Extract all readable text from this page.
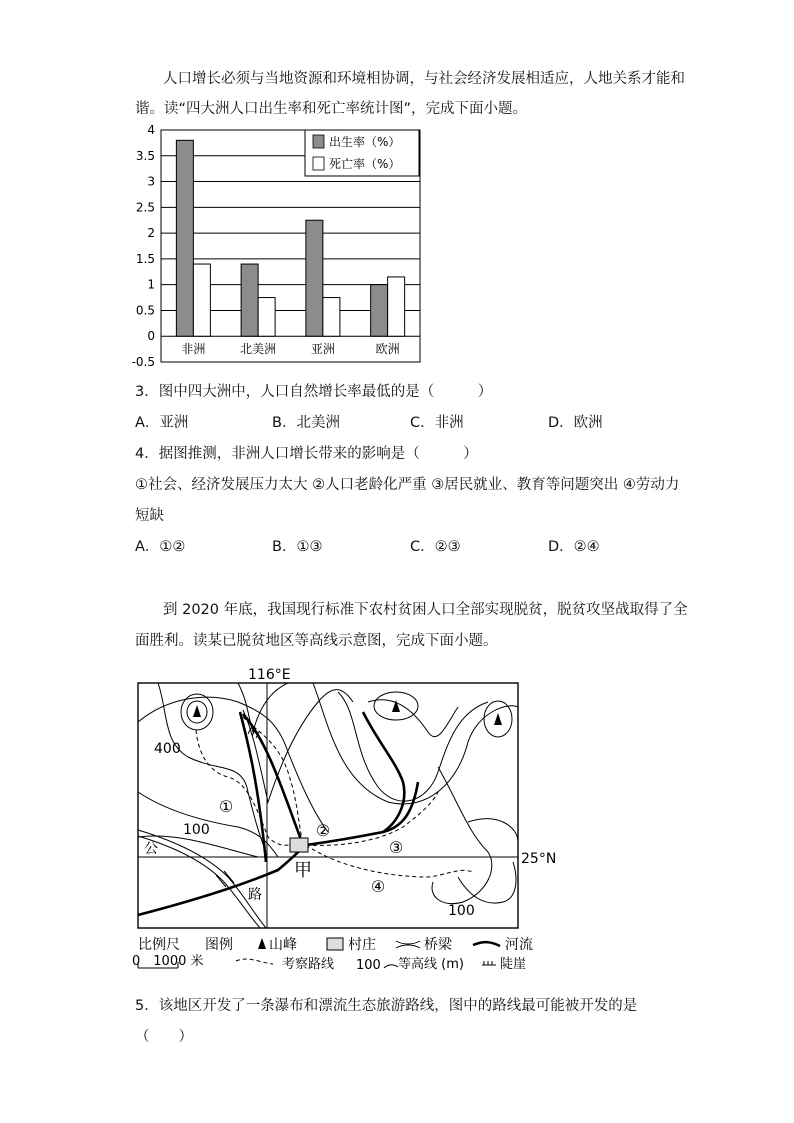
人口增长必须与当地资源和环境相协调，与社会经济发展相适应，人地关系才能和
谐。读“四大洲人口出生率和死亡率统计图”，完成下面小题。
4
3.5
3
2.5
2
1.5
1
0.5
0
-0.5
非洲	北美洲	亚洲	欧洲
出生率（%）
死亡率（%）
3．图中四大洲中，人口自然增长率最低的是（　　　）
A．亚洲	B．北美洲	C．非洲	D．欧洲
4．据图推测，非洲人口增长带来的影响是（　　　）
①社会、经济发展压力太大 ②人口老龄化严重 ③居民就业、教育等问题突出 ④劳动力
短缺
A．①②	B．①③	C．②③	D．②④
到 2020 年底，我国现行标准下农村贫困人口全部实现脱贫，脱贫攻坚战取得了全
面胜利。读某已脱贫地区等高线示意图，完成下面小题。
116°E
25°N
公
路
甲
①
②
③
④
400
100
100
比例尺 图例	山峰	村庄	桥梁	河流
0　1000 米	考察路线 100 等高线 (m)	陡崖
5．该地区开发了一条瀑布和漂流生态旅游路线，图中的路线最可能被开发的是
（　　）
